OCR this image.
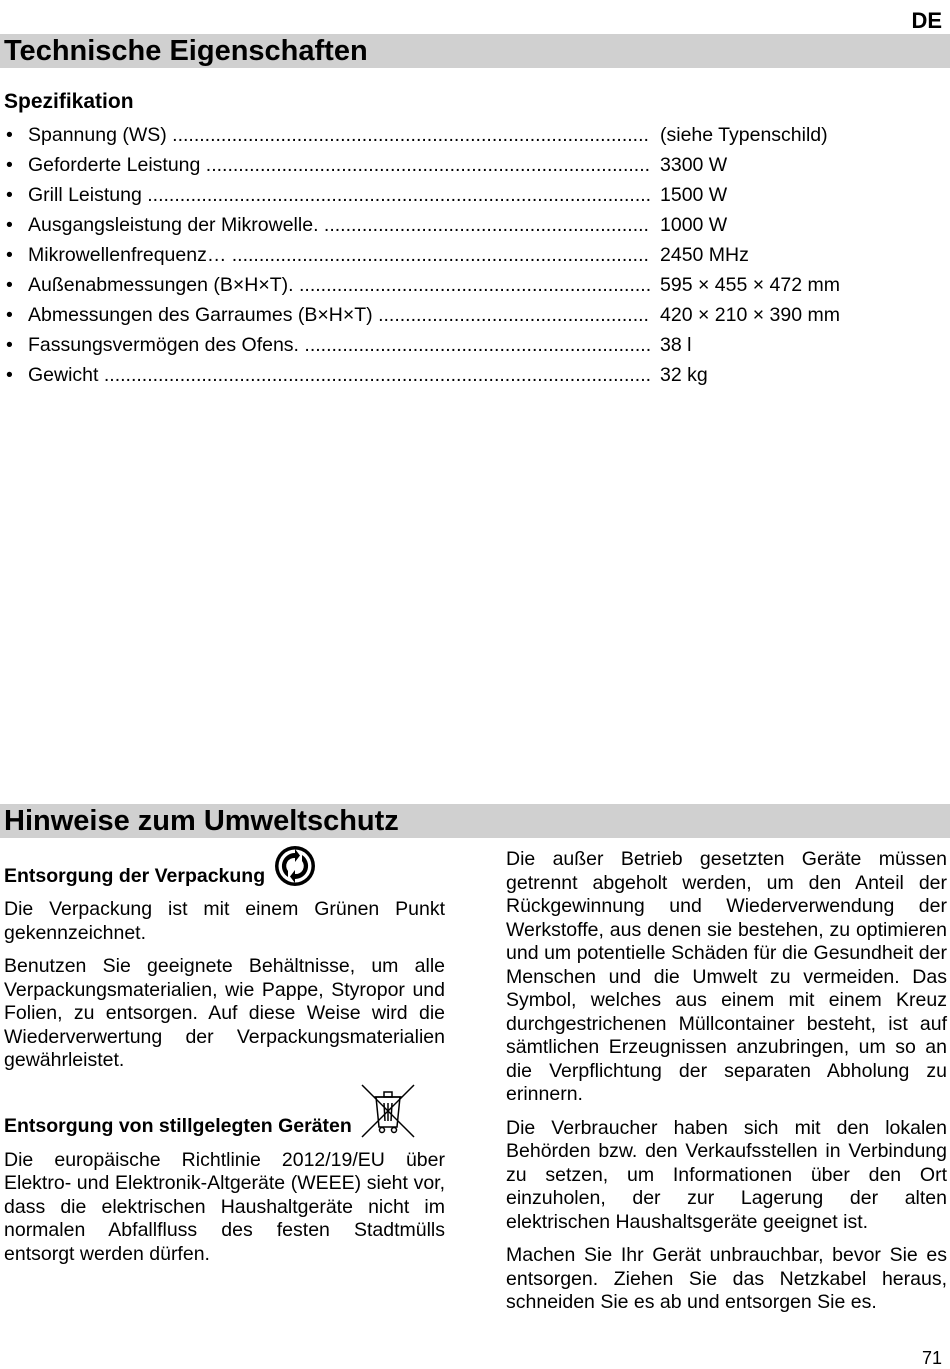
DE
Technische Eigenschaften
Spezifikation
• Spannung (WS) .....	(siehe Typenschild)
• Geforderte Leistung .....	3300 W
• Grill Leistung .....	1500 W
• Ausgangsleistung der Mikrowelle. .....	1000 W
• Mikrowellenfrequenz… .....	2450 MHz
• Außenabmessungen (B×H×T). .....	595 × 455 × 472 mm
• Abmessungen des Garraumes (B×H×T) .....	420 × 210 × 390 mm
• Fassungsvermögen des Ofens. .....	38 l
• Gewicht .....	32 kg
Hinweise zum Umweltschutz
Entsorgung der Verpackung

Die Verpackung ist mit einem Grünen Punkt gekennzeichnet.

Benutzen Sie geeignete Behältnisse, um alle Verpackungsmaterialien, wie Pappe, Styropor und Folien, zu entsorgen. Auf diese Weise wird die Wiederverwertung der Verpackungsmaterialien gewährleistet.

Entsorgung von stillgelegten Geräten

Die europäische Richtlinie 2012/19/EU über Elektro- und Elektronik-Altgeräte (WEEE) sieht vor, dass die elektrischen Haushaltgeräte nicht im normalen Abfallfluss des festen Stadtmülls entsorgt werden dürfen.

Die außer Betrieb gesetzten Geräte müssen getrennt abgeholt werden, um den Anteil der Rückgewinnung und Wiederverwendung der Werkstoffe, aus denen sie bestehen, zu optimieren und um potentielle Schäden für die Gesundheit der Menschen und die Umwelt zu vermeiden. Das Symbol, welches aus einem mit einem Kreuz durchgestrichenen Müllcontainer besteht, ist auf sämtlichen Erzeugnissen anzubringen, um so an die Verpflichtung der separaten Abholung zu erinnern.

Die Verbraucher haben sich mit den lokalen Behörden bzw. den Verkaufsstellen in Verbindung zu setzen, um Informationen über den Ort einzuholen, der zur Lagerung der alten elektrischen Haushaltsgeräte geeignet ist.

Machen Sie Ihr Gerät unbrauchbar, bevor Sie es entsorgen. Ziehen Sie das Netzkabel heraus, schneiden Sie es ab und entsorgen Sie es.

71
